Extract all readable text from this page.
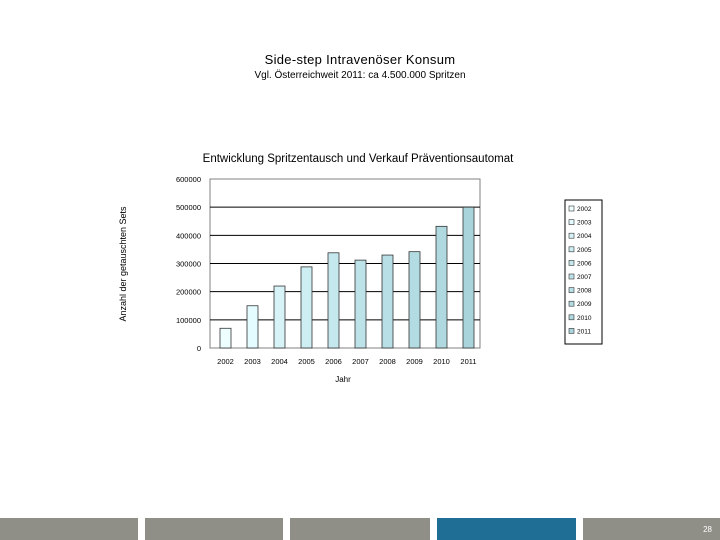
Side-step Intravenöser Konsum
Vgl. Österreichweit 2011: ca 4.500.000 Spritzen
Entwicklung Spritzentausch und Verkauf Präventionsautomat
Anzahl der getauschten Sets
Jahr
0
100000
200000
300000
400000
500000
600000
2002 2003 2004 2005 2006 2007 2008 2009 2010 2011
2002
2003
2004
2005
2006
2007
2008
2009
2010
2011
28
